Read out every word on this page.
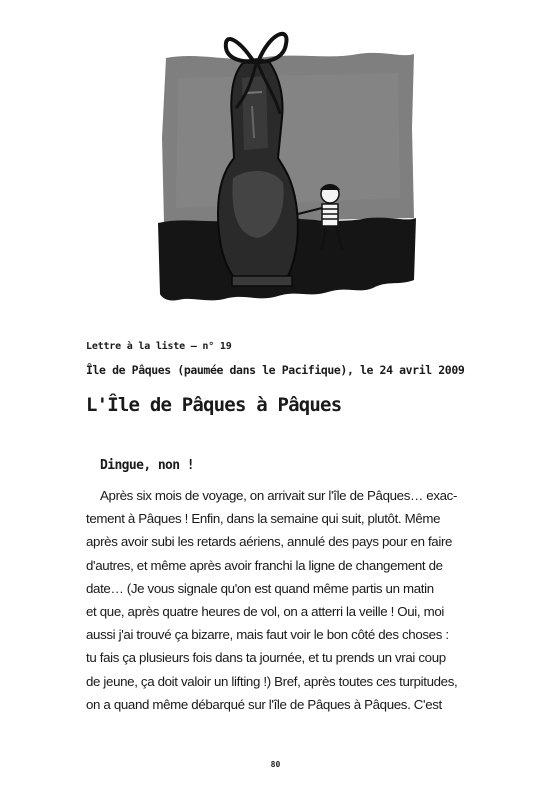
Lettre à la liste – n° 19
Île de Pâques (paumée dans le Pacifique), le 24 avril 2009
L'Île de Pâques à Pâques
Dingue, non !
Après six mois de voyage, on arrivait sur l'île de Pâques… exac-
tement à Pâques ! Enfin, dans la semaine qui suit, plutôt. Même
après avoir subi les retards aériens, annulé des pays pour en faire
d'autres, et même après avoir franchi la ligne de changement de
date… (Je vous signale qu'on est quand même partis un matin
et que, après quatre heures de vol, on a atterri la veille ! Oui, moi
aussi j'ai trouvé ça bizarre, mais faut voir le bon côté des choses :
tu fais ça plusieurs fois dans ta journée, et tu prends un vrai coup
de jeune, ça doit valoir un lifting !) Bref, après toutes ces turpitudes,
on a quand même débarqué sur l'île de Pâques à Pâques. C'est
80
